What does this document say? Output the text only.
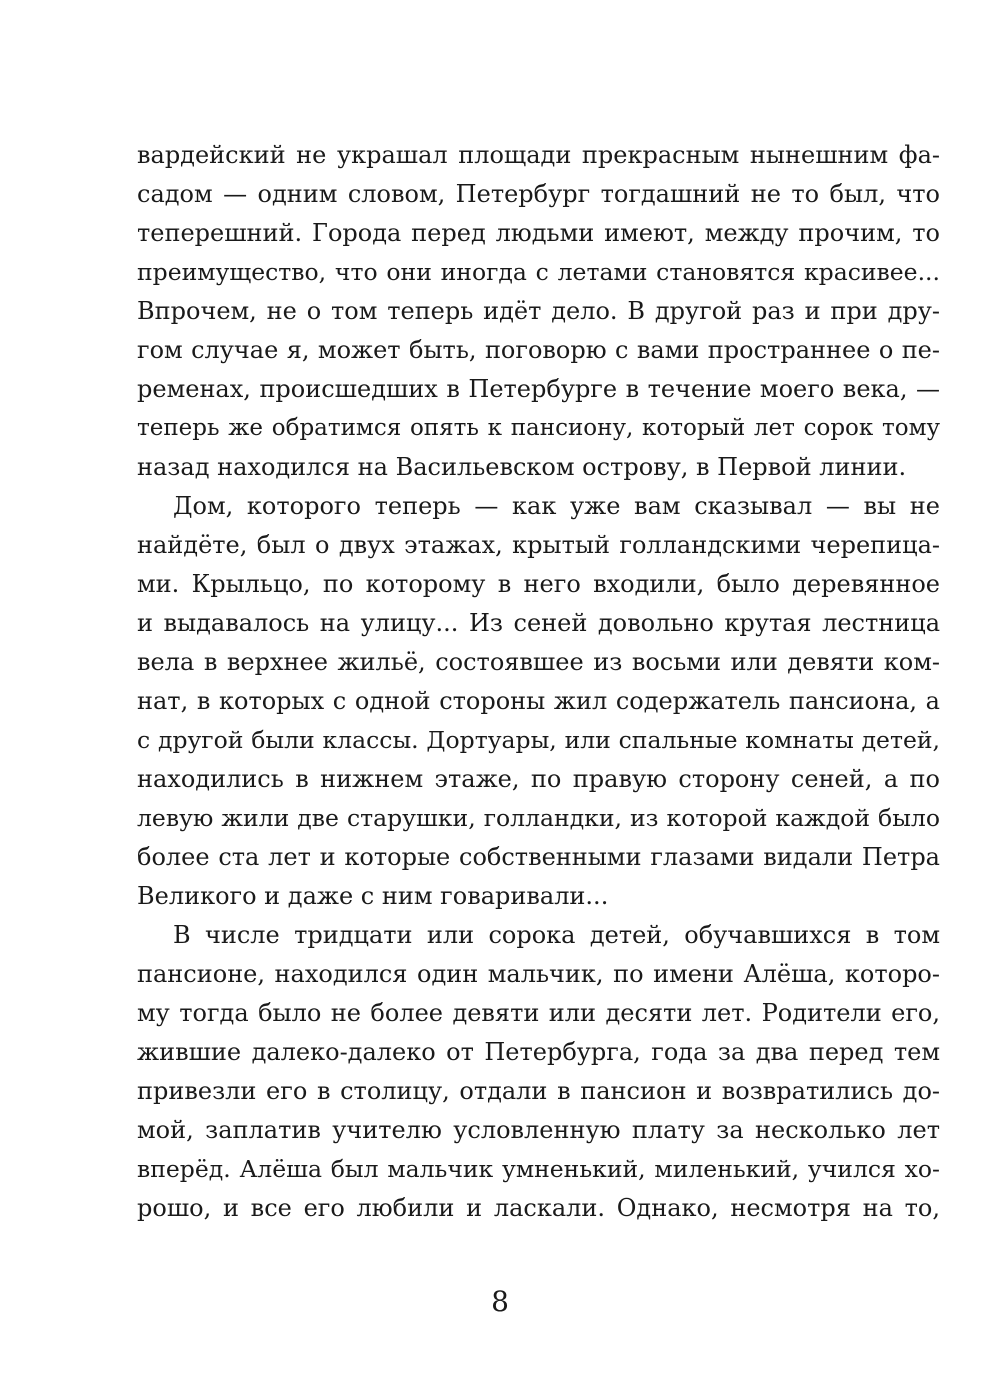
вардейский не украшал площади прекрасным нынешним фа-
садом — одним словом, Петербург тогдашний не то был, что
теперешний. Города перед людьми имеют, между прочим, то
преимущество, что они иногда с летами становятся красивее...
Впрочем, не о том теперь идёт дело. В другой раз и при дру-
гом случае я, может быть, поговорю с вами пространнее о пе-
ременах, происшедших в Петербурге в течение моего века, —
теперь же обратимся опять к пансиону, который лет сорок тому
назад находился на Васильевском острову, в Первой линии.
Дом, которого теперь — как уже вам сказывал — вы не
найдёте, был о двух этажах, крытый голландскими черепица-
ми. Крыльцо, по которому в него входили, было деревянное
и выдавалось на улицу... Из сеней довольно крутая лестница
вела в верхнее жильё, состоявшее из восьми или девяти ком-
нат, в которых с одной стороны жил содержатель пансиона, а
с другой были классы. Дортуары, или спальные комнаты детей,
находились в нижнем этаже, по правую сторону сеней, а по
левую жили две старушки, голландки, из которой каждой было
более ста лет и которые собственными глазами видали Петра
Великого и даже с ним говаривали...
В числе тридцати или сорока детей, обучавшихся в том
пансионе, находился один мальчик, по имени Алёша, которо-
му тогда было не более девяти или десяти лет. Родители его,
жившие далеко-далеко от Петербурга, года за два перед тем
привезли его в столицу, отдали в пансион и возвратились до-
мой, заплатив учителю условленную плату за несколько лет
вперёд. Алёша был мальчик умненький, миленький, учился хо-
рошо, и все его любили и ласкали. Однако, несмотря на то,
8
